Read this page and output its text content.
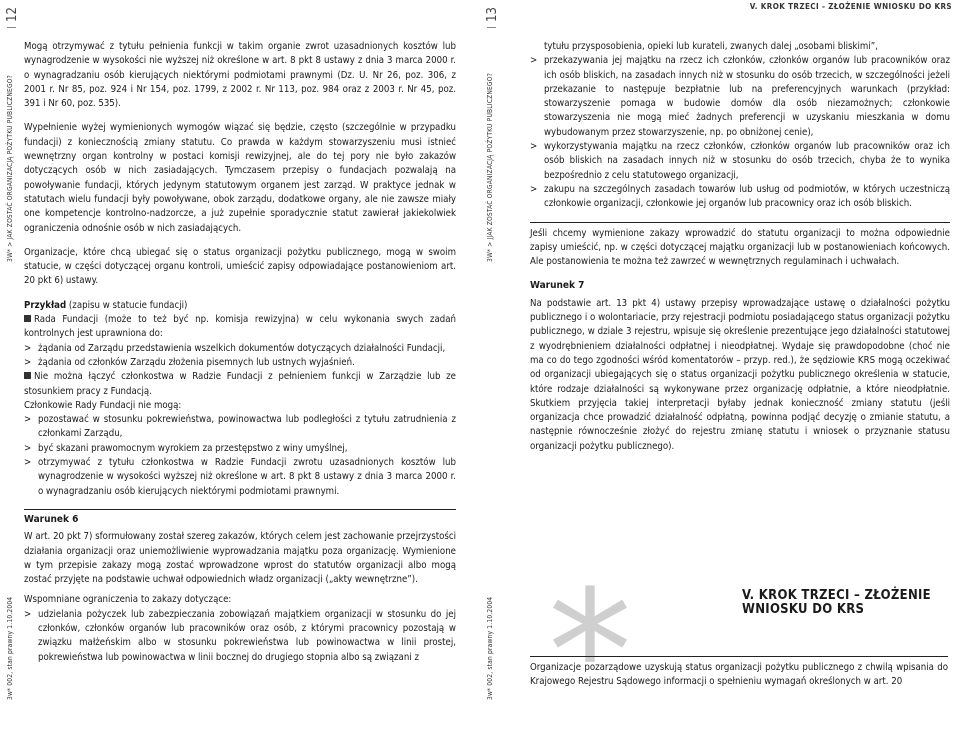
12
3W* > JAK ZOSTAĆ ORGANIZACJĄ POŻYTKU PUBLICZNEGO?
3w* 002, stan prawny 1.10.2004

Mogą otrzymywać z tytułu pełnienia funkcji w takim organie zwrot uzasadnionych kosztów lub wynagrodzenie w wysokości nie wyższej niż określone w art. 8 pkt 8 ustawy z dnia 3 marca 2000 r. o wynagradzaniu osób kierujących niektórymi podmiotami prawnymi (Dz. U. Nr 26, poz. 306, z 2001 r. Nr 85, poz. 924 i Nr 154, poz. 1799, z 2002 r. Nr 113, poz. 984 oraz z 2003 r. Nr 45, poz. 391 i Nr 60, poz. 535).

Wypełnienie wyżej wymienionych wymogów wiązać się będzie, często (szczególnie w przypadku fundacji) z koniecznością zmiany statutu. Co prawda w każdym stowarzyszeniu musi istnieć wewnętrzny organ kontrolny w postaci komisji rewizyjnej, ale do tej pory nie było zakazów dotyczących osób w nich zasiadających. Tymczasem przepisy o fundacjach pozwalają na powoływanie fundacji, których jedynym statutowym organem jest zarząd. W praktyce jednak w statutach wielu fundacji były powoływane, obok zarządu, dodatkowe organy, ale nie zawsze miały one kompetencje kontrolno-nadzorcze, a już zupełnie sporadycznie statut zawierał jakiekolwiek ograniczenia odnośnie osób w nich zasiadających.

Organizacje, które chcą ubiegać się o status organizacji pożytku publicznego, mogą w swoim statucie, w części dotyczącej organu kontroli, umieścić zapisy odpowiadające postanowieniom art. 20 pkt 6) ustawy.

Przykład (zapisu w statucie fundacji)
Rada Fundacji (może to też być np. komisja rewizyjna) w celu wykonania swych zadań kontrolnych jest uprawniona do:
> żądania od Zarządu przedstawienia wszelkich dokumentów dotyczących działalności Fundacji,
> żądania od członków Zarządu złożenia pisemnych lub ustnych wyjaśnień.
Nie można łączyć członkostwa w Radzie Fundacji z pełnieniem funkcji w Zarządzie lub ze stosunkiem pracy z Fundacją.
Członkowie Rady Fundacji nie mogą:
> pozostawać w stosunku pokrewieństwa, powinowactwa lub podległości z tytułu zatrudnienia z członkami Zarządu,
> być skazani prawomocnym wyrokiem za przestępstwo z winy umyślnej,
> otrzymywać z tytułu członkostwa w Radzie Fundacji zwrotu uzasadnionych kosztów lub wynagrodzenie w wysokości wyższej niż określone w art. 8 pkt 8 ustawy z dnia 3 marca 2000 r. o wynagradzaniu osób kierujących niektórymi podmiotami prawnymi.
Warunek 6

W art. 20 pkt 7) sformułowany został szereg zakazów, których celem jest zachowanie przejrzystości działania organizacji oraz uniemożliwienie wyprowadzania majątku poza organizację. Wymienione w tym przepisie zakazy mogą zostać wprowadzone wprost do statutów organizacji albo mogą zostać przyjęte na podstawie uchwał odpowiednich władz organizacji („akty wewnętrzne”).

Wspomniane ograniczenia to zakazy dotyczące:
> udzielania pożyczek lub zabezpieczania zobowiązań majątkiem organizacji w stosunku do jej członków, członków organów lub pracowników oraz osób, z którymi pracownicy pozostają w związku małżeńskim albo w stosunku pokrewieństwa lub powinowactwa w linii prostej, pokrewieństwa lub powinowactwa w linii bocznej do drugiego stopnia albo są związani z
V. KROK TRZECI - ZŁOŻENIE WNIOSKU DO KRS
13
3W* > JJAK ZOSTAĆ ORGANIZACJĄ POŻYTKU PUBLICZNEGO?
3w* 002, stan prawny 1.10.2004
tytułu przysposobienia, opieki lub kurateli, zwanych dalej „osobami bliskimi”,
> przekazywania jej majątku na rzecz ich członków, członków organów lub pracowników oraz ich osób bliskich, na zasadach innych niż w stosunku do osób trzecich, w szczególności jeżeli przekazanie to następuje bezpłatnie lub na preferencyjnych warunkach (przykład: stowarzyszenie pomaga w budowie domów dla osób niezamożnych; członkowie stowarzyszenia nie mogą mieć żadnych preferencji w uzyskaniu mieszkania w domu wybudowanym przez stowarzyszenie, np. po obniżonej cenie),
> wykorzystywania majątku na rzecz członków, członków organów lub pracowników oraz ich osób bliskich na zasadach innych niż w stosunku do osób trzecich, chyba że to wynika bezpośrednio z celu statutowego organizacji,
> zakupu na szczególnych zasadach towarów lub usług od podmiotów, w których uczestniczą członkowie organizacji, członkowie jej organów lub pracownicy oraz ich osób bliskich.

Jeśli chcemy wymienione zakazy wprowadzić do statutu organizacji to można odpowiednie zapisy umieścić, np. w części dotyczącej majątku organizacji lub w postanowieniach końcowych. Ale postanowienia te można też zawrzeć w wewnętrznych regulaminach i uchwałach.

Warunek 7

Na podstawie art. 13 pkt 4) ustawy przepisy wprowadzające ustawę o działalności pożytku publicznego i o wolontariacie, przy rejestracji podmiotu posiadającego status organizacji pożytku publicznego, w dziale 3 rejestru, wpisuje się określenie prezentujące jego działalności statutowej z wyodrębnieniem działalności odpłatnej i nieodpłatnej. Wydaje się prawdopodobne (choć nie ma co do tego zgodności wśród komentatorów – przyp. red.), że sędziowie KRS mogą oczekiwać od organizacji ubiegających się o status organizacji pożytku publicznego określenia w statucie, które rodzaje działalności są wykonywane przez organizację odpłatnie, a które nieodpłatnie. Skutkiem przyjęcia takiej interpretacji byłaby jednak konieczność zmiany statutu (jeśli organizacja chce prowadzić działalność odpłatną, powinna podjąć decyzję o zmianie statutu, a następnie równocześnie złożyć do rejestru zmianę statutu i wniosek o przyznanie statusu organizacji pożytku publicznego).

*	V. KROK TRZECI – ZŁOŻENIE
WNIOSKU DO KRS
Organizacje pozarządowe uzyskują status organizacji pożytku publicznego z chwilą wpisania do Krajowego Rejestru Sądowego informacji o spełnieniu wymagań określonych w art. 20
